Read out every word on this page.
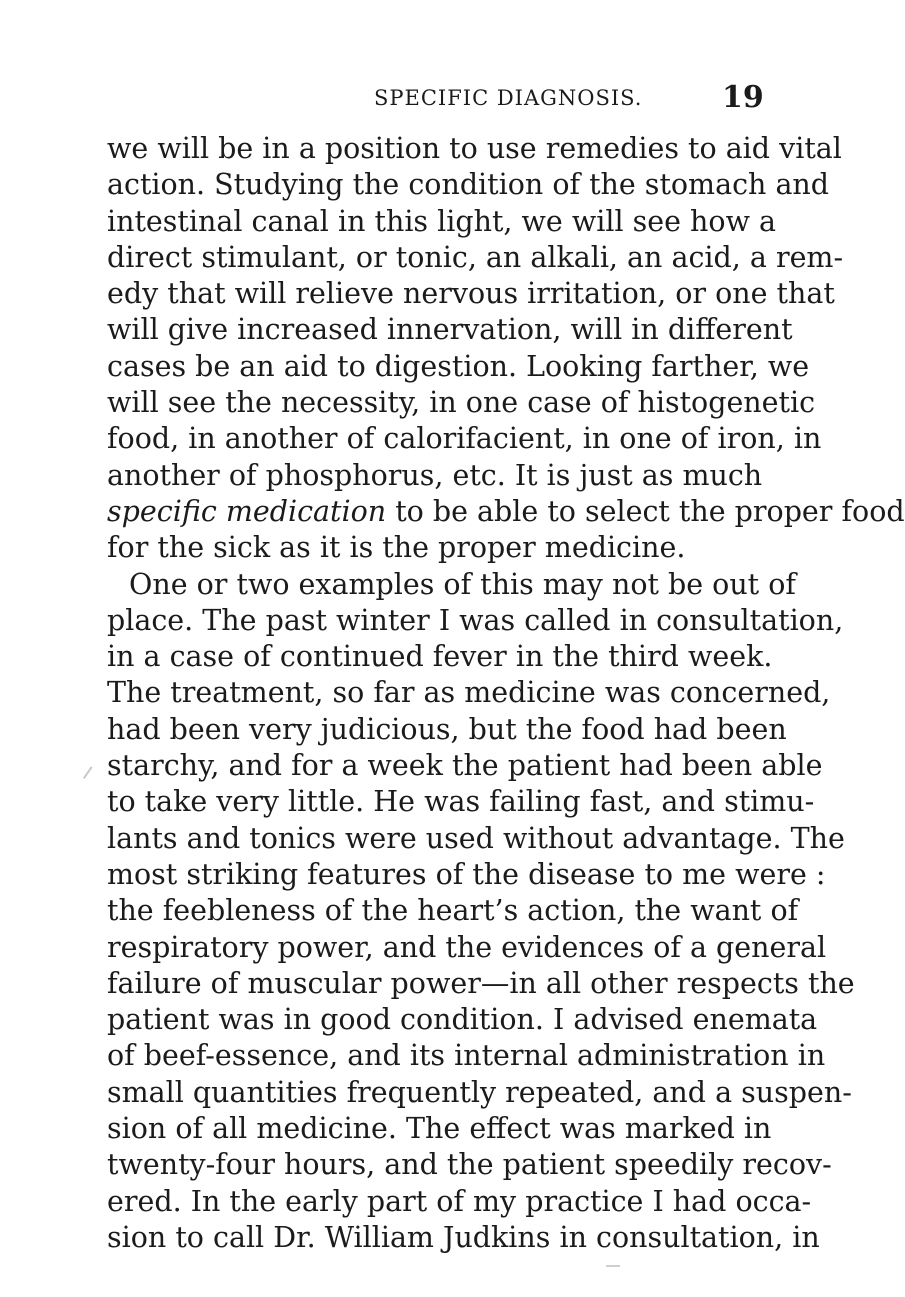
SPECIFIC DIAGNOSIS.	19
we will be in a position to use remedies to aid vital
action. Studying the condition of the stomach and
intestinal canal in this light, we will see how a
direct stimulant, or tonic, an alkali, an acid, a rem-
edy that will relieve nervous irritation, or one that
will give increased innervation, will in different
cases be an aid to digestion. Looking farther, we
will see the necessity, in one case of histogenetic
food, in another of calorifacient, in one of iron, in
another of phosphorus, etc. It is just as much
specific medication to be able to select the proper food
for the sick as it is the proper medicine.
One or two examples of this may not be out of
place. The past winter I was called in consultation,
in a case of continued fever in the third week.
The treatment, so far as medicine was concerned,
had been very judicious, but the food had been
starchy, and for a week the patient had been able
to take very little. He was failing fast, and stimu-
lants and tonics were used without advantage. The
most striking features of the disease to me were :
the feebleness of the heart’s action, the want of
respiratory power, and the evidences of a general
failure of muscular power—in all other respects the
patient was in good condition. I advised enemata
of beef-essence, and its internal administration in
small quantities frequently repeated, and a suspen-
sion of all medicine. The effect was marked in
twenty-four hours, and the patient speedily recov-
ered. In the early part of my practice I had occa-
sion to call Dr. William Judkins in consultation, in
